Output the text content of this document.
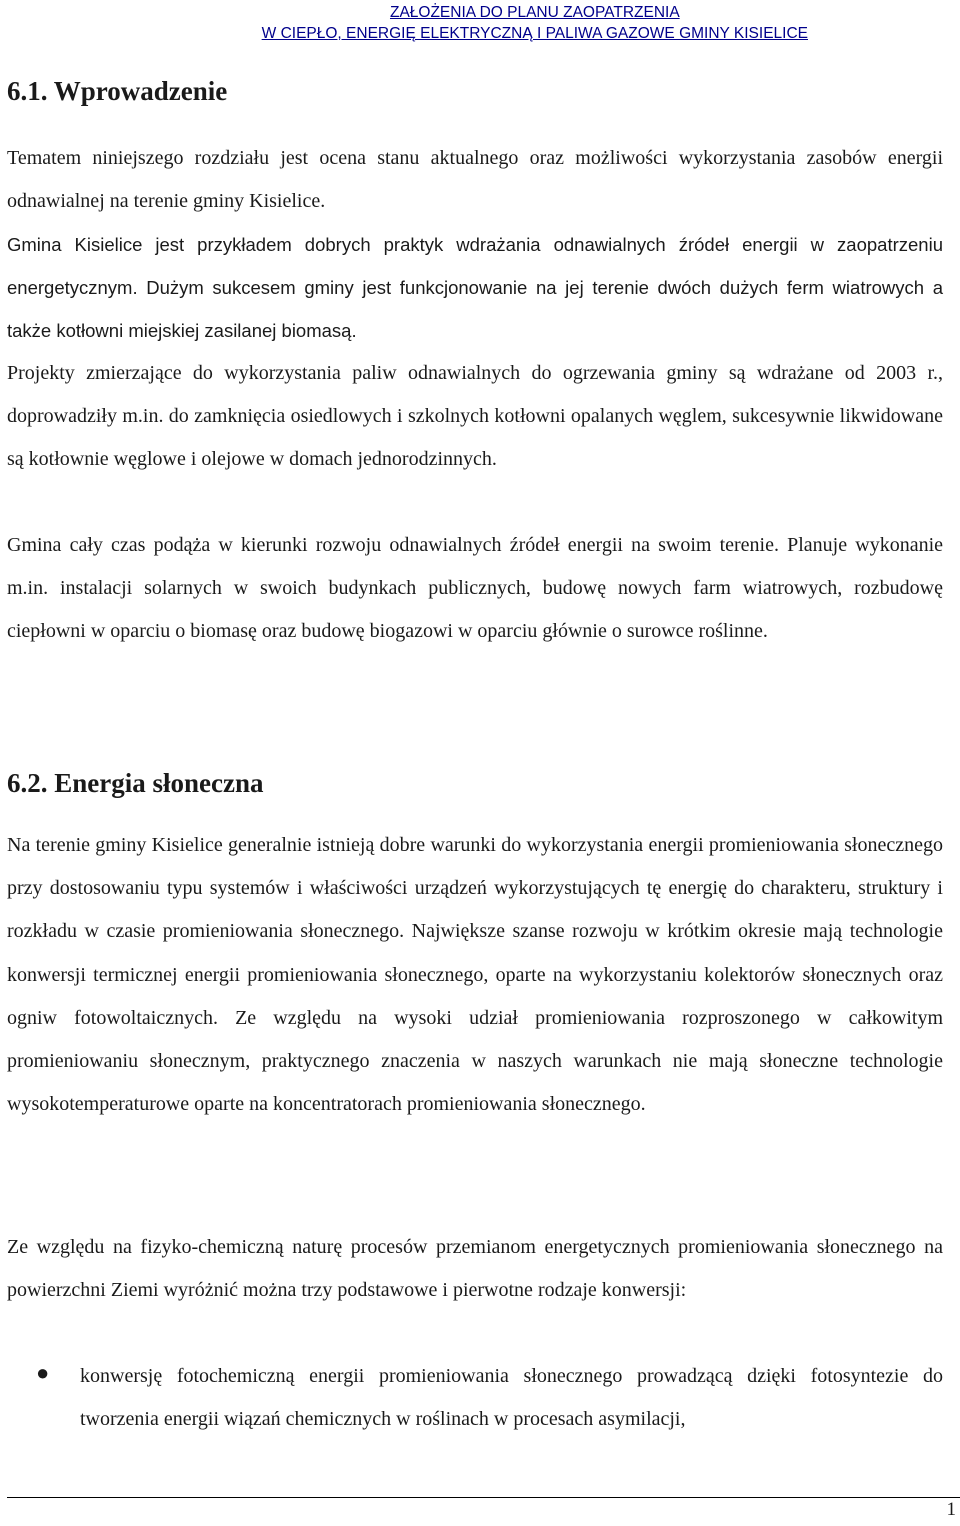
ZAŁOŻENIA DO PLANU ZAOPATRZENIA
W CIEPŁO, ENERGIĘ ELEKTRYCZNĄ I PALIWA GAZOWE GMINY KISIELICE
6.1. Wprowadzenie

Tematem niniejszego rozdziału jest ocena stanu aktualnego oraz możliwości wykorzystania zasobów energii odnawialnej na terenie gminy Kisielice.

Gmina Kisielice jest przykładem dobrych praktyk wdrażania odnawialnych źródeł energii w zaopatrzeniu energetycznym. Dużym sukcesem gminy jest funkcjonowanie na jej terenie dwóch dużych ferm wiatrowych a także kotłowni miejskiej zasilanej biomasą.

Projekty zmierzające do wykorzystania paliw odnawialnych do ogrzewania gminy są wdrażane od 2003 r., doprowadziły m.in. do zamknięcia osiedlowych i szkolnych kotłowni opalanych węglem, sukcesywnie likwidowane są kotłownie węglowe i olejowe w domach jednorodzinnych.

Gmina cały czas podąża w kierunki rozwoju odnawialnych źródeł energii na swoim terenie. Planuje wykonanie m.in. instalacji solarnych w swoich budynkach publicznych, budowę nowych farm wiatrowych, rozbudowę ciepłowni w oparciu o biomasę oraz budowę biogazowi w oparciu głównie o surowce roślinne.

6.2. Energia słoneczna

Na terenie gminy Kisielice generalnie istnieją dobre warunki do wykorzystania energii promieniowania słonecznego przy dostosowaniu typu systemów i właściwości urządzeń wykorzystujących tę energię do charakteru, struktury i rozkładu w czasie promieniowania słonecznego. Największe szanse rozwoju w krótkim okresie mają technologie konwersji termicznej energii promieniowania słonecznego, oparte na wykorzystaniu kolektorów słonecznych oraz ogniw fotowoltaicznych. Ze względu na wysoki udział promieniowania rozproszonego w całkowitym promieniowaniu słonecznym, praktycznego znaczenia w naszych warunkach nie mają słoneczne technologie wysokotemperaturowe oparte na koncentratorach promieniowania słonecznego.

Ze względu na fizyko-chemiczną naturę procesów przemianom energetycznych promieniowania słonecznego na powierzchni Ziemi wyróżnić można trzy podstawowe i pierwotne rodzaje konwersji:

● konwersję fotochemiczną energii promieniowania słonecznego prowadzącą dzięki fotosyntezie do tworzenia energii wiązań chemicznych w roślinach w procesach asymilacji,

1
